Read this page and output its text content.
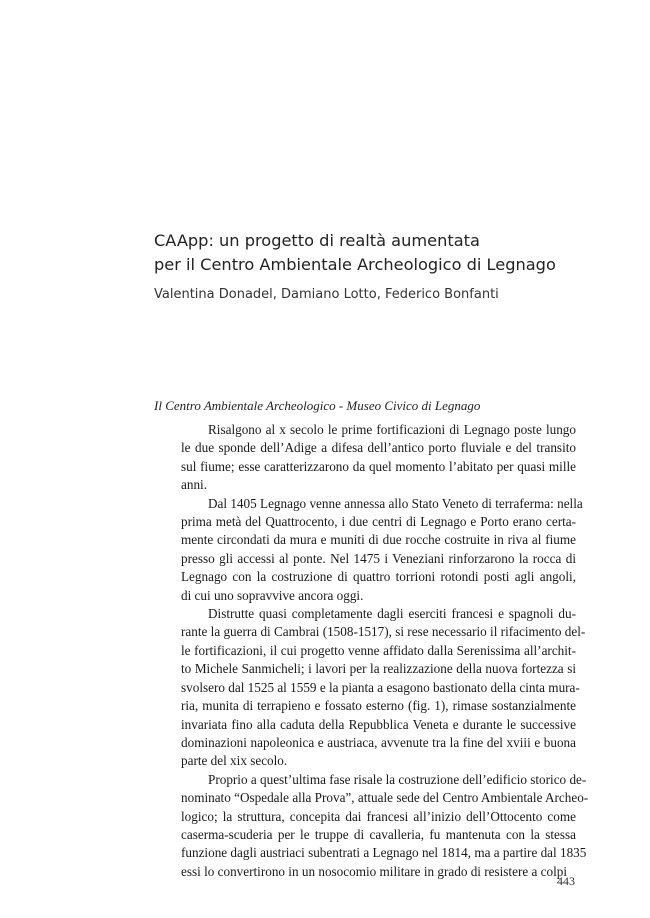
CAApp: un progetto di realtà aumentata
per il Centro Ambientale Archeologico di Legnago
Valentina Donadel, Damiano Lotto, Federico Bonfanti
Il Centro Ambientale Archeologico - Museo Civico di Legnago
Risalgono al x secolo le prime fortificazioni di Legnago poste lungo
le due sponde dell’Adige a difesa dell’antico porto fluviale e del transito
sul fiume; esse caratterizzarono da quel momento l’abitato per quasi mille
anni.
Dal 1405 Legnago venne annessa allo Stato Veneto di terraferma: nella
prima metà del Quattrocento, i due centri di Legnago e Porto erano certa-
mente circondati da mura e muniti di due rocche costruite in riva al fiume
presso gli accessi al ponte. Nel 1475 i Veneziani rinforzarono la rocca di
Legnago con la costruzione di quattro torrioni rotondi posti agli angoli,
di cui uno sopravvive ancora oggi.
Distrutte quasi completamente dagli eserciti francesi e spagnoli du-
rante la guerra di Cambrai (1508-1517), si rese necessario il rifacimento del-
le fortificazioni, il cui progetto venne affidato dalla Serenissima all’archit-
to Michele Sanmicheli; i lavori per la realizzazione della nuova fortezza si
svolsero dal 1525 al 1559 e la pianta a esagono bastionato della cinta mura-
ria, munita di terrapieno e fossato esterno (fig. 1), rimase sostanzialmente
invariata fino alla caduta della Repubblica Veneta e durante le successive
dominazioni napoleonica e austriaca, avvenute tra la fine del xviii e buona
parte del xix secolo.
Proprio a quest’ultima fase risale la costruzione dell’edificio storico de-
nominato “Ospedale alla Prova”, attuale sede del Centro Ambientale Archeo-
logico; la struttura, concepita dai francesi all’inizio dell’Ottocento come
caserma-scuderia per le truppe di cavalleria, fu mantenuta con la stessa
funzione dagli austriaci subentrati a Legnago nel 1814, ma a partire dal 1835
essi lo convertirono in un nosocomio militare in grado di resistere a colpi
443
